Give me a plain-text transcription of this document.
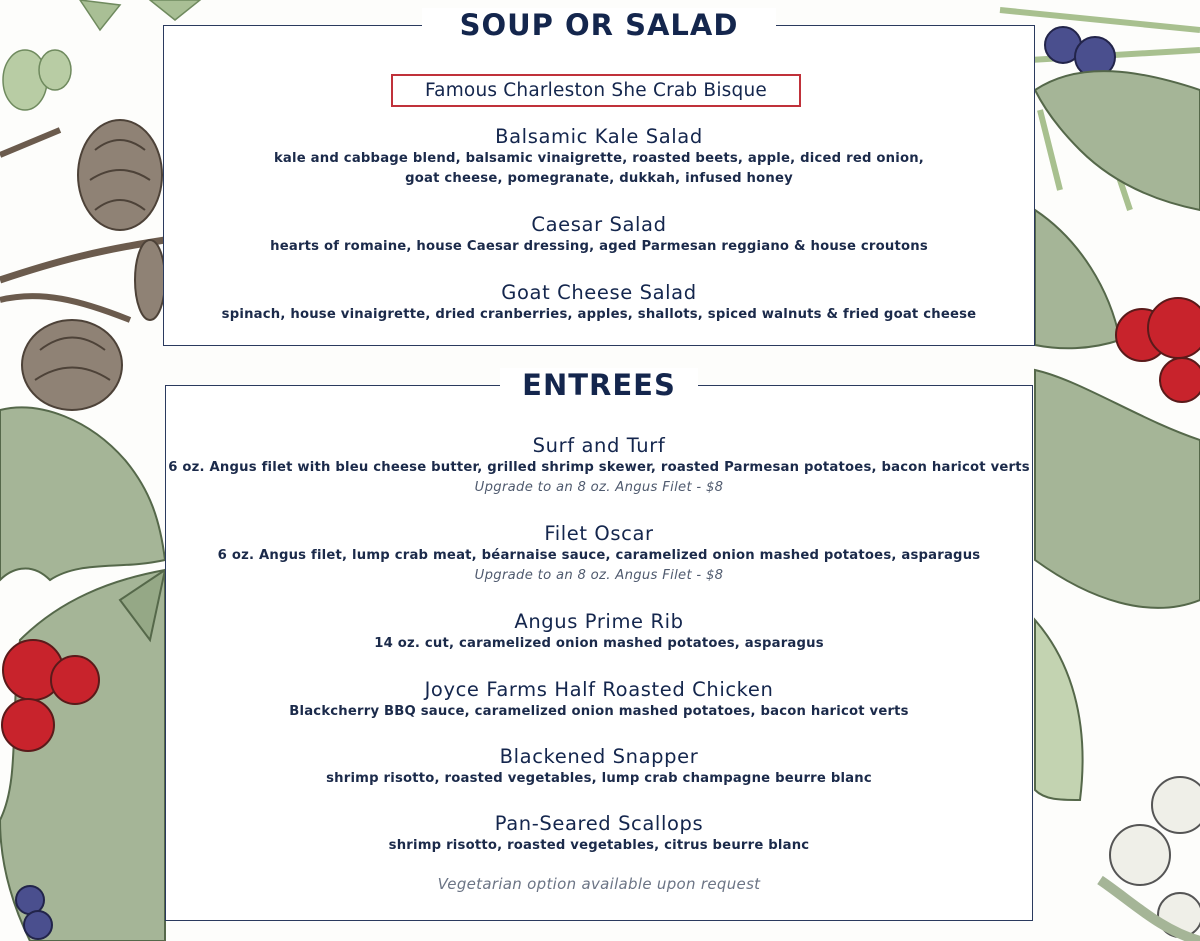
SOUP OR SALAD
Famous Charleston She Crab Bisque
Balsamic Kale Salad
kale and cabbage blend, balsamic vinaigrette, roasted beets, apple, diced red onion,
goat cheese, pomegranate, dukkah, infused honey
Caesar Salad
hearts of romaine, house Caesar dressing, aged Parmesan reggiano & house croutons
Goat Cheese Salad
spinach, house vinaigrette, dried cranberries, apples, shallots, spiced walnuts & fried goat cheese
ENTREES
Surf and Turf
6 oz. Angus filet with bleu cheese butter, grilled shrimp skewer, roasted Parmesan potatoes, bacon haricot verts
Upgrade to an 8 oz. Angus Filet - $8
Filet Oscar
6 oz. Angus filet, lump crab meat, béarnaise sauce, caramelized onion mashed potatoes, asparagus
Upgrade to an 8 oz. Angus Filet - $8
Angus Prime Rib
14 oz. cut, caramelized onion mashed potatoes, asparagus
Joyce Farms Half Roasted Chicken
Blackcherry BBQ sauce, caramelized onion mashed potatoes, bacon haricot verts
Blackened Snapper
shrimp risotto, roasted vegetables, lump crab champagne beurre blanc
Pan-Seared Scallops
shrimp risotto, roasted vegetables, citrus beurre blanc
Vegetarian option available upon request
